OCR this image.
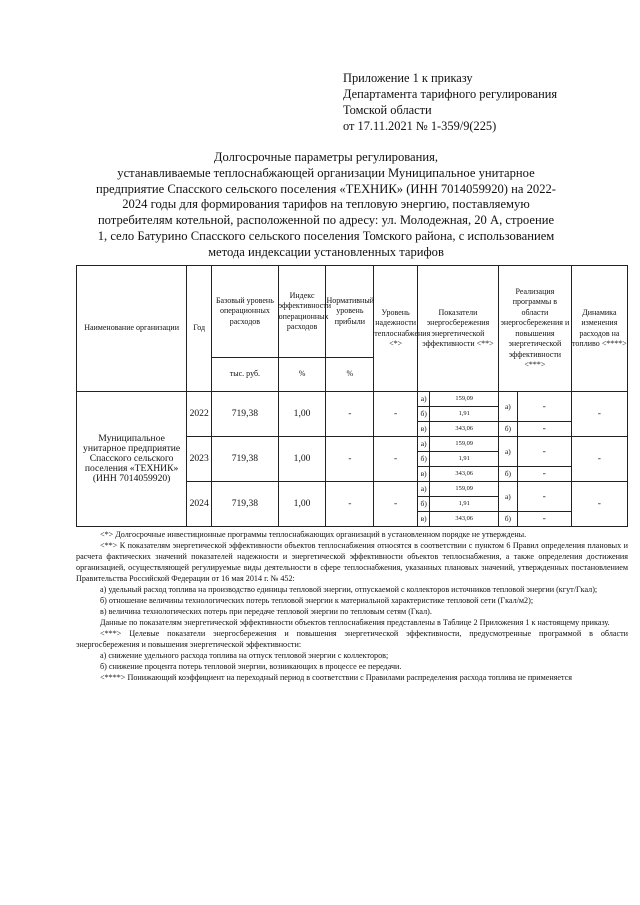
Приложение 1 к приказу
Департамента тарифного регулирования
Томской области
от 17.11.2021 № 1-359/9(225)
Долгосрочные параметры регулирования,
устанавливаемые теплоснабжающей организации Муниципальное унитарное
предприятие Спасского сельского поселения «ТЕХНИК» (ИНН 7014059920) на 2022-
2024 годы для формирования тарифов на тепловую энергию, поставляемую
потребителям котельной, расположенной по адресу: ул. Молодежная, 20 А, строение
1, село Батурино Спасского сельского поселения Томского района, с использованием
метода индексации установленных тарифов
Наименование организации	Год	Базовый уровень операционных расходов	Индекс эффективности операционных расходов	Нормативный уровень прибыли	Уровень надежности теплоснабжения <*>	Показатели энергосбережения энергетической эффективности <**>		Реализация программы в области энергосбережения и повышения энергетической эффективности <***>		Динамика изменения расходов на топливо <****>
		тыс. руб.	%	%						
Муниципальное унитарное предприятие Спасского сельского поселения «ТЕХНИК» (ИНН 7014059920)	2022	719,38	1,00	-	-	а)	159,09	а)	-	-
						б)	1,91			
						в)	343,06	б)	-	
	2023	719,38	1,00	-	-	а)	159,09	а)	-	-
						б)	1,91			
						в)	343,06	б)	-	
	2024	719,38	1,00	-	-	а)	159,09	а)	-	-
						б)	1,91			
						в)	343,06	б)	-	

<*> Долгосрочные инвестиционные программы теплоснабжающих организаций в установленном порядке не утверждены.

<**> К показателям энергетической эффективности объектов теплоснабжения относятся в соответствии с пунктом 6 Правил определения плановых и расчета фактических значений показателей надежности и энергетической эффективности объектов теплоснабжения, а также определения достижения организацией, осуществляющей регулируемые виды деятельности в сфере теплоснабжения, указанных плановых значений, утвержденных постановлением Правительства Российской Федерации от 16 мая 2014 г. № 452:

а) удельный расход топлива на производство единицы тепловой энергии, отпускаемой с коллекторов источников тепловой энергии (кгут/Гкал);

б) отношение величины технологических потерь тепловой энергии к материальной характеристике тепловой сети (Гкал/м2);

в) величина технологических потерь при передаче тепловой энергии по тепловым сетям (Гкал).

Данные по показателям энергетической эффективности объектов теплоснабжения представлены в Таблице 2 Приложения 1 к настоящему приказу.

<***> Целевые показатели энергосбережения и повышения энергетической эффективности, предусмотренные программой в области энергосбережения и повышения энергетической эффективности:

а) снижение удельного расхода топлива на отпуск тепловой энергии с коллекторов;

б) снижение процента потерь тепловой энергии, возникающих в процессе ее передачи.

<****> Понижающий коэффициент на переходный период в соответствии с Правилами распределения расхода топлива не применяется
